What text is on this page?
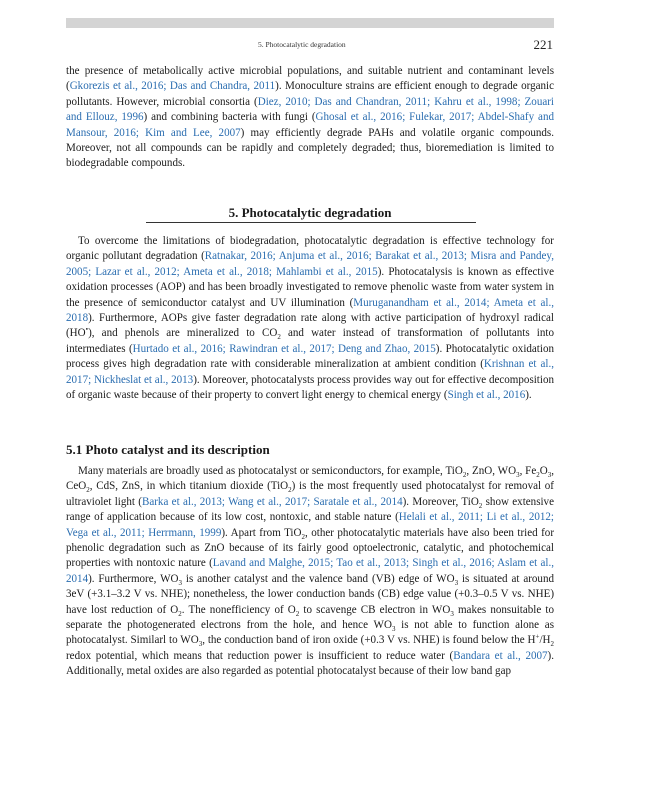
5. Photocatalytic degradation	221

the presence of metabolically active microbial populations, and suitable nutrient and contaminant levels (Gkorezis et al., 2016; Das and Chandra, 2011). Monoculture strains are efficient enough to degrade organic pollutants. However, microbial consortia (Diez, 2010; Das and Chandran, 2011; Kahru et al., 1998; Zouari and Ellouz, 1996) and combining bacteria with fungi (Ghosal et al., 2016; Fulekar, 2017; Abdel-Shafy and Mansour, 2016; Kim and Lee, 2007) may efficiently degrade PAHs and volatile organic compounds. Moreover, not all compounds can be rapidly and completely degraded; thus, bioremediation is limited to biodegradable compounds.

5. Photocatalytic degradation

To overcome the limitations of biodegradation, photocatalytic degradation is effective technology for organic pollutant degradation (Ratnakar, 2016; Anjuma et al., 2016; Barakat et al., 2013; Misra and Pandey, 2005; Lazar et al., 2012; Ameta et al., 2018; Mahlambi et al., 2015). Photocatalysis is known as effective oxidation processes (AOP) and has been broadly investigated to remove phenolic waste from water system in the presence of semiconductor catalyst and UV illumination (Muruganandham et al., 2014; Ameta et al., 2018). Furthermore, AOPs give faster degradation rate along with active participation of hydroxyl radical (HO•), and phenols are mineralized to $CO_2$ and water instead of transformation of pollutants into intermediates (Hurtado et al., 2016; Rawindran et al., 2017; Deng and Zhao, 2015). Photocatalytic oxidation process gives high degradation rate with considerable mineralization at ambient condition (Krishnan et al., 2017; Nickheslat et al., 2013). Moreover, photocatalysts process provides way out for effective decomposition of organic waste because of their property to convert light energy to chemical energy (Singh et al., 2016).

5.1 Photo catalyst and its description

Many materials are broadly used as photocatalyst or semiconductors, for example, TiO$_2$, ZnO, $WO_3$, $Fe_2O_3$, CeO$_2$, CdS, ZnS, in which titanium dioxide (TiO$_2$) is the most frequently used photocatalyst for removal of ultraviolet light (Barka et al., 2013; Wang et al., 2017; Saratale et al., 2014). Moreover, TiO$_2$ show extensive range of application because of its low cost, nontoxic, and stable nature (Helali et al., 2011; Li et al., 2012; Vega et al., 2011; Herrmann, 1999). Apart from TiO$_2$, other photocatalytic materials have also been tried for phenolic degradation such as ZnO because of its fairly good optoelectronic, catalytic, and photochemical properties with nontoxic nature (Lavand and Malghe, 2015; Tao et al., 2013; Singh et al., 2016; Aslam et al., 2014). Furthermore, $WO_3$ is another catalyst and the valence band (VB) edge of $WO_3$ is situated at around 3eV (+3.1–3.2 V vs. NHE); nonetheless, the lower conduction bands (CB) edge value (+0.3–0.5 V vs. NHE) have lost reduction of $O_2$. The nonefficiency of $O_2$ to scavenge CB electron in $WO_3$ makes nonsuitable to separate the photogenerated electrons from the hole, and hence $WO_3$ is not able to function alone as photocatalyst. Similarl to $WO_3$, the conduction band of iron oxide (+0.3 V vs. NHE) is found below the $H^+/H_2$ redox potential, which means that reduction power is insufficient to reduce water (Bandara et al., 2007). Additionally, metal oxides are also regarded as potential photocatalyst because of their low band gap
